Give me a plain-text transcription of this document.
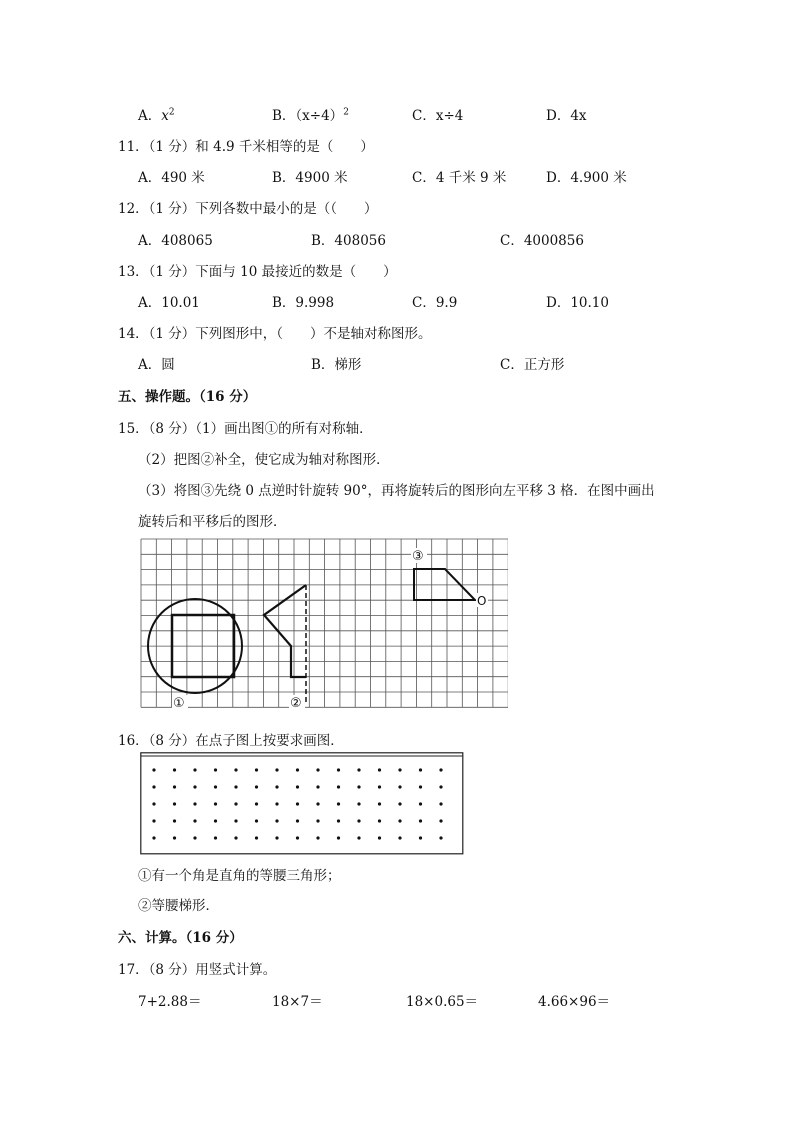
A．$x^2$	B．$(x\div 4)^2$	C．x÷4	D．4x
11．（1 分）和 4.9 千米相等的是（　　）
A．490 米	B．4900 米	C．4 千米 9 米	D．4.900 米
12．（1 分）下列各数中最小的是（（　　）
A．408065	B．408056	C．4000856
13．（1 分）下面与 10 最接近的数是（　　）
A．10.01	B．9.998	C．9.9	D．10.10
14．（1 分）下列图形中，（　　）不是轴对称图形。
A．圆	B．梯形	C．正方形
五、操作题。（16 分）
15．（8 分）（1）画出图①的所有对称轴．
（2）把图②补全，使它成为轴对称图形．
（3）将图③先绕 0 点逆时针旋转 90°，再将旋转后的图形向左平移 3 格．在图中画出
旋转后和平移后的图形．
①	②
③
O
16．（8 分）在点子图上按要求画图．
①有一个角是直角的等腰三角形；
②等腰梯形．
六、计算。（16 分）
17．（8 分）用竖式计算。
7+2.88＝	18×7＝	18×0.65＝	4.66×96＝
